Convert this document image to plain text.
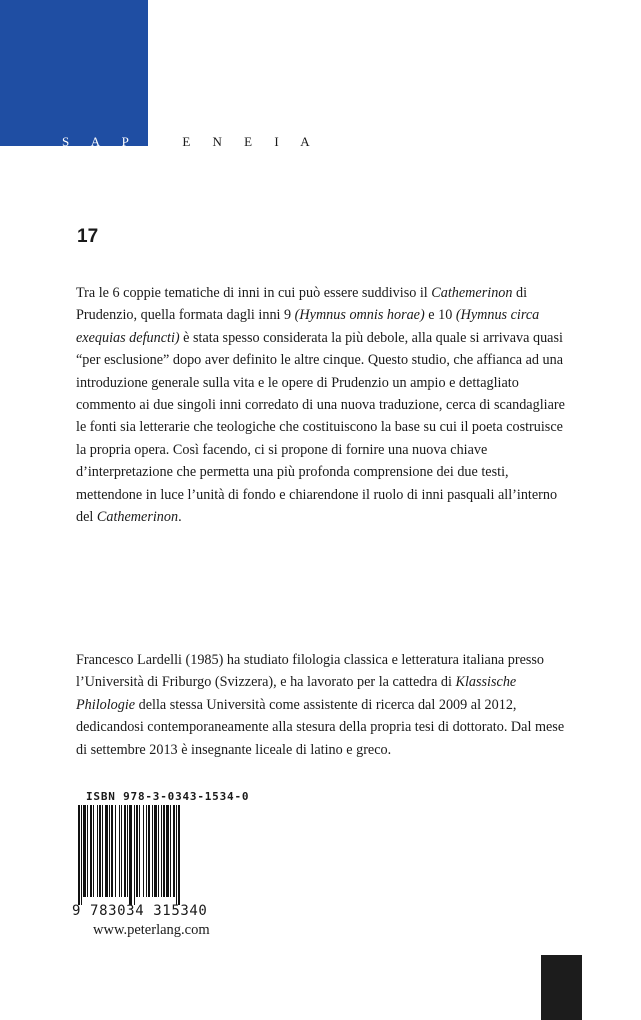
S A P H E N E I A
17

Tra le 6 coppie tematiche di inni in cui può essere suddiviso il Cathemerinon di Prudenzio, quella formata dagli inni 9 (Hymnus omnis horae) e 10 (Hymnus circa exequias defuncti) è stata spesso considerata la più debole, alla quale si arrivava quasi “per esclusione” dopo aver definito le altre cinque. Questo studio, che affianca ad una introduzione generale sulla vita e le opere di Prudenzio un ampio e dettagliato commento ai due singoli inni corredato di una nuova traduzione, cerca di scandagliare le fonti sia letterarie che teologiche che costituiscono la base su cui il poeta costruisce la propria opera. Così facendo, ci si propone di fornire una nuova chiave d’interpretazione che permetta una più profonda comprensione dei due testi, mettendone in luce l’unità di fondo e chiarendone il ruolo di inni pasquali all’interno del Cathemerinon.

Francesco Lardelli (1985) ha studiato filologia classica e letteratura italiana presso l’Università di Friburgo (Svizzera), e ha lavorato per la cattedra di Klassische Philologie della stessa Università come assistente di ricerca dal 2009 al 2012, dedicandosi contemporaneamente alla stesura della propria tesi di dottorato. Dal mese di settembre 2013 è insegnante liceale di latino e greco.

ISBN 978-3-0343-1534-0
9 783034 315340
www.peterlang.com
